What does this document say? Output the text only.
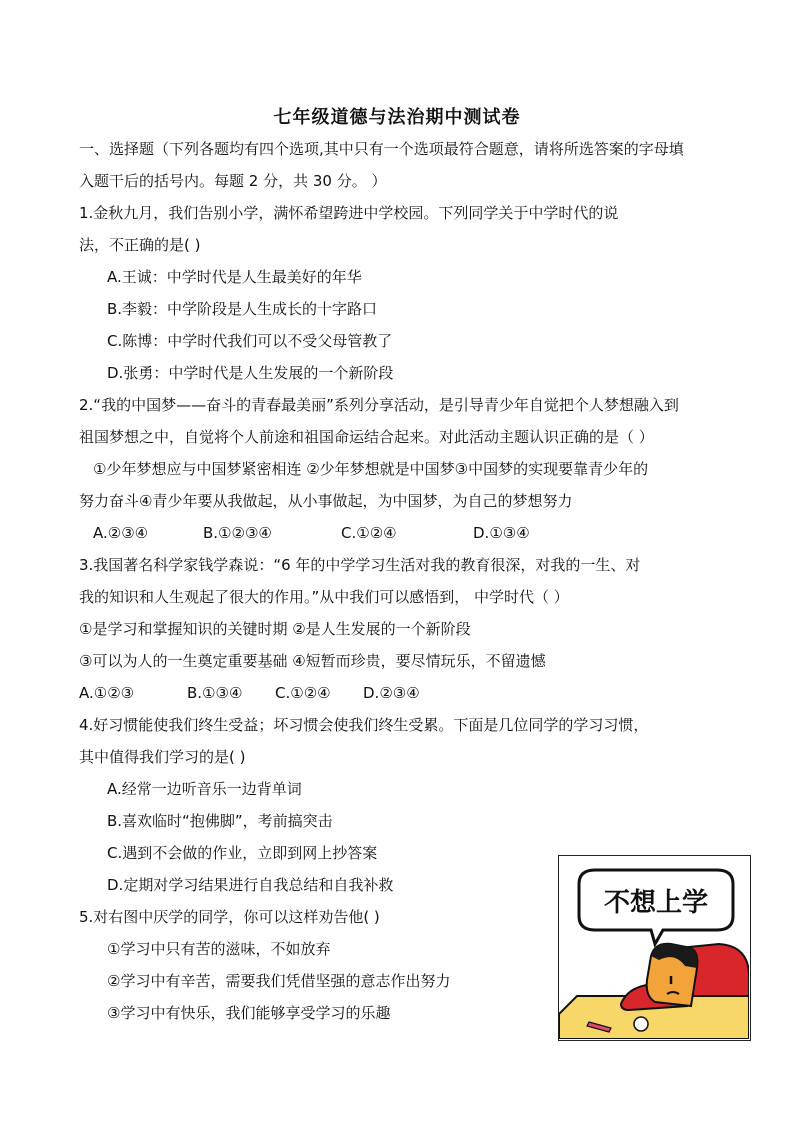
七年级道德与法治期中测试卷
一、选择题（下列各题均有四个选项,其中只有一个选项最符合题意，请将所选答案的字母填
入题干后的括号内。每题 2 分，共 30 分。 ）
1.金秋九月，我们告别小学，满怀希望跨进中学校园。下列同学关于中学时代的说
法，不正确的是( )
A.王诚：中学时代是人生最美好的年华
B.李毅：中学阶段是人生成长的十字路口
C.陈博：中学时代我们可以不受父母管教了
D.张勇：中学时代是人生发展的一个新阶段
2.“我的中国梦——奋斗的青春最美丽”系列分享活动，是引导青少年自觉把个人梦想融入到
祖国梦想之中，自觉将个人前途和祖国命运结合起来。对此活动主题认识正确的是（ ）
①少年梦想应与中国梦紧密相连 ②少年梦想就是中国梦③中国梦的实现要靠青少年的
努力奋斗④青少年要从我做起，从小事做起，为中国梦，为自己的梦想努力
A.②③④	B.①②③④	C.①②④	D.①③④
3.我国著名科学家钱学森说：“6 年的中学学习生活对我的教育很深，对我的一生、对
我的知识和人生观起了很大的作用。”从中我们可以感悟到， 中学时代（ ）
①是学习和掌握知识的关键时期 ②是人生发展的一个新阶段
③可以为人的一生奠定重要基础 ④短暂而珍贵，要尽情玩乐，不留遗憾
A.①②③	B.①③④ C.①②④ D.②③④
4.好习惯能使我们终生受益；坏习惯会使我们终生受累。下面是几位同学的学习习惯，
其中值得我们学习的是( )
A.经常一边听音乐一边背单词
B.喜欢临时“抱佛脚”，考前搞突击
C.遇到不会做的作业，立即到网上抄答案
D.定期对学习结果进行自我总结和自我补救
5.对右图中厌学的同学，你可以这样劝告他( )
①学习中只有苦的滋味，不如放弃
②学习中有辛苦，需要我们凭借坚强的意志作出努力
③学习中有快乐，我们能够享受学习的乐趣
不想上学
